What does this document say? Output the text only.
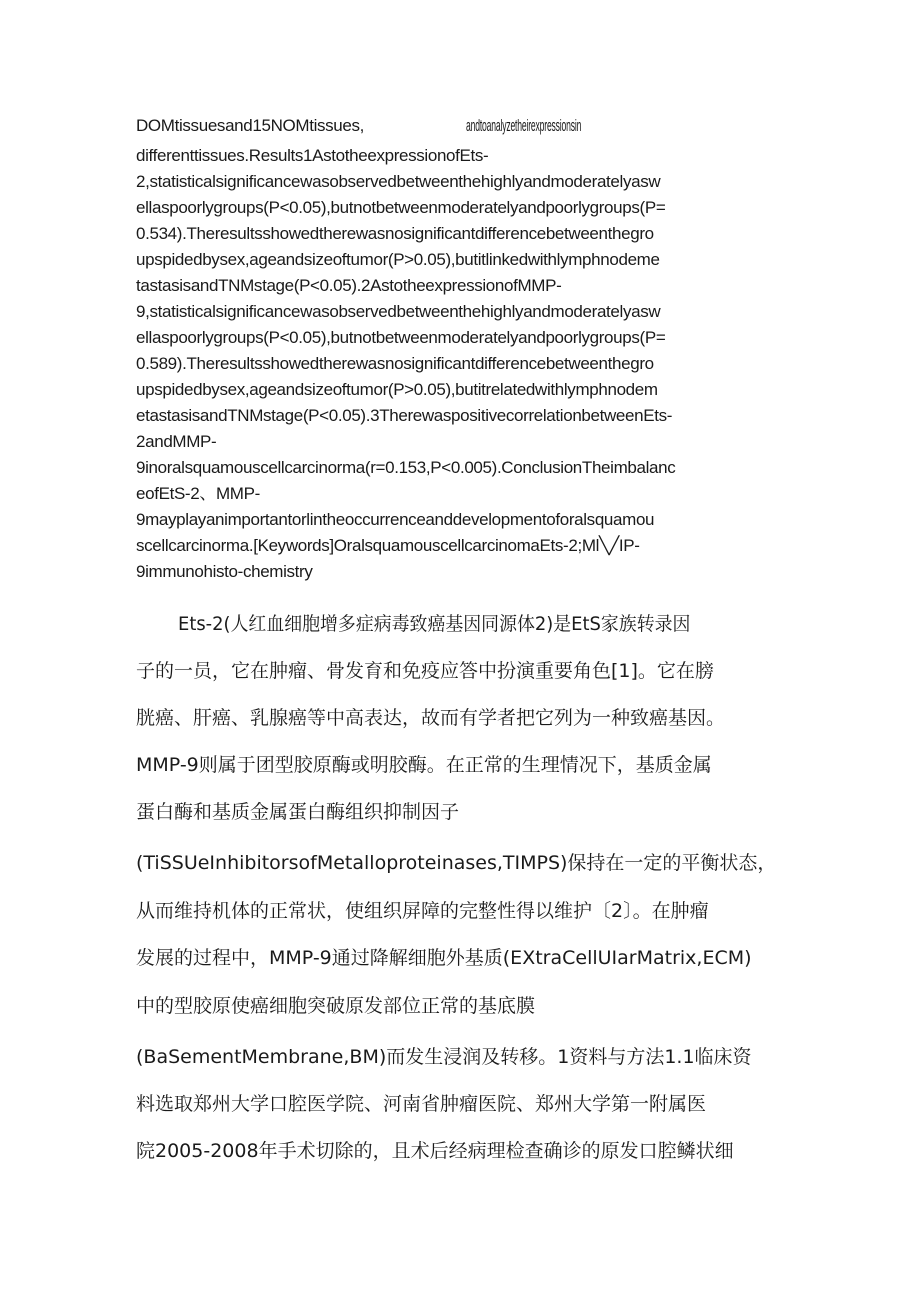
DOMtissuesand15NOMtissues,	andtoanalyzetheirexpressionsin
differenttissues.Results1AstotheexpressionofEts-
2,statisticalsignificancewasobservedbetweenthehighlyandmoderatelyasw
ellaspoorlygroups(P<0.05),butnotbetweenmoderatelyandpoorlygroups(P=
0.534).Theresultsshowedtherewasnosignificantdifferencebetweenthegro
upspidedbysex,ageandsizeoftumor(P>0.05),butitlinkedwithlymphnodeme
tastasisandTNMstage(P<0.05).2AstotheexpressionofMMP-
9,statisticalsignificancewasobservedbetweenthehighlyandmoderatelyasw
ellaspoorlygroups(P<0.05),butnotbetweenmoderatelyandpoorlygroups(P=
0.589).Theresultsshowedtherewasnosignificantdifferencebetweenthegro
upspidedbysex,ageandsizeoftumor(P>0.05),butitrelatedwithlymphnodem
etastasisandTNMstage(P<0.05).3TherewaspositivecorrelationbetweenEts-
2andMMP-
9inoralsquamouscellcarcinorma(r=0.153,P<0.005).ConclusionTheimbalanc
eofEtS-2、MMP-
9mayplayanimportantorlintheoccurrenceanddevelopmentoforalsquamou
scellcarcinorma.[Keywords]OralsquamouscellcarcinomaEts-2;Ml╲╱IP-
9immunohisto-chemistry
Ets-2(人红血细胞增多症病毒致癌基因同源体2)是EtS家族转录因
子的一员，它在肿瘤、骨发育和免疫应答中扮演重要角色[1]。它在膀
胱癌、肝癌、乳腺癌等中高表达，故而有学者把它列为一种致癌基因。
MMP-9则属于团型胶原酶或明胶酶。在正常的生理情况下，基质金属
蛋白酶和基质金属蛋白酶组织抑制因子
(TiSSUeInhibitorsofMetalloproteinases,TIMPS)保持在一定的平衡状态，
从而维持机体的正常状，使组织屏障的完整性得以维护〔2〕。在肿瘤
发展的过程中，MMP-9通过降解细胞外基质(EXtraCellUIarMatrix,ECM)
中的型胶原使癌细胞突破原发部位正常的基底膜
(BaSementMembrane,BM)而发生浸润及转移。1资料与方法1.1临床资
料选取郑州大学口腔医学院、河南省肿瘤医院、郑州大学第一附属医
院2005-2008年手术切除的，且术后经病理检查确诊的原发口腔鳞状细
